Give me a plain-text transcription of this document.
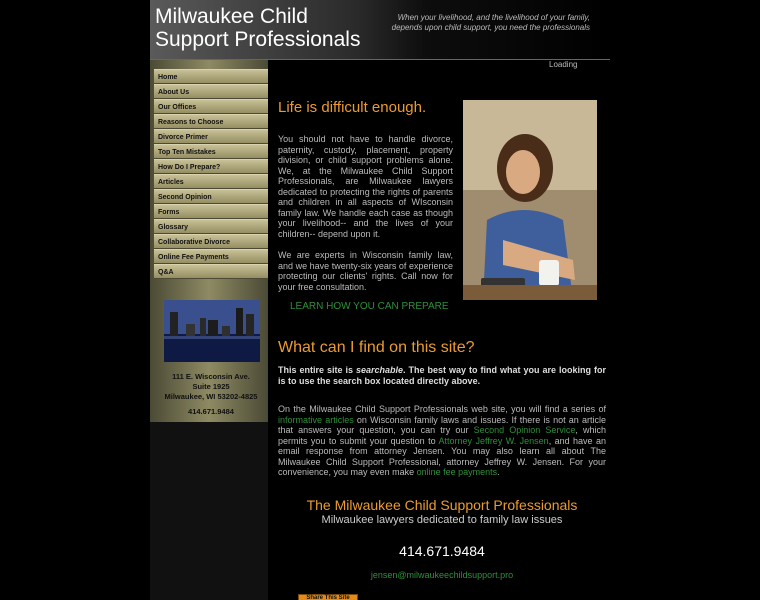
Milwaukee Child
Support Professionals
When your livelihood, and the livelihood of your family, depends upon child support, you need the professionals
Loading
Home
About Us
Our Offices
Reasons to Choose
Divorce Primer
Top Ten Mistakes
How Do I Prepare?
Articles
Second Opinion
Forms
Glossary
Collaborative Divorce
Online Fee Payments
Q&A
111 E. Wisconsin Ave.
Suite 1925
Milwaukee, WI 53202-4825
414.671.9484
Life is difficult enough.
You should not have to handle divorce, paternity, custody, placement, property division, or child support problems alone. We, at the Milwaukee Child Support Professionals, are Milwaukee lawyers dedicated to protecting the rights of parents and children in all aspects of WIsconsin family law. We handle each case as though your livelihood-- and the lives of your children-- depend upon it.
We are experts in Wisconsin family law, and we have twenty-six years of experience protecting our clients' rights. Call now for your free consultation.
LEARN HOW YOU CAN PREPARE
What can I find on this site?
This entire site is searchable. The best way to find what you are looking for is to use the search box located directly above.
On the Milwaukee Child Support Professionals web site, you will find a series of informative articles on Wisconsin family laws and issues. If there is not an article that answers your question, you can try our Second Opinion Service, which permits you to submit your question to Attorney Jeffrey W. Jensen, and have an email response from attorney Jensen. You may also learn all about The Milwaukee Child Support Professional, attorney Jeffrey W. Jensen. For your convenience, you may even make online fee payments.
The Milwaukee Child Support Professionals
Milwaukee lawyers dedicated to family law issues
414.671.9484
jensen@milwaukeechildsupport.pro
Share This Site
